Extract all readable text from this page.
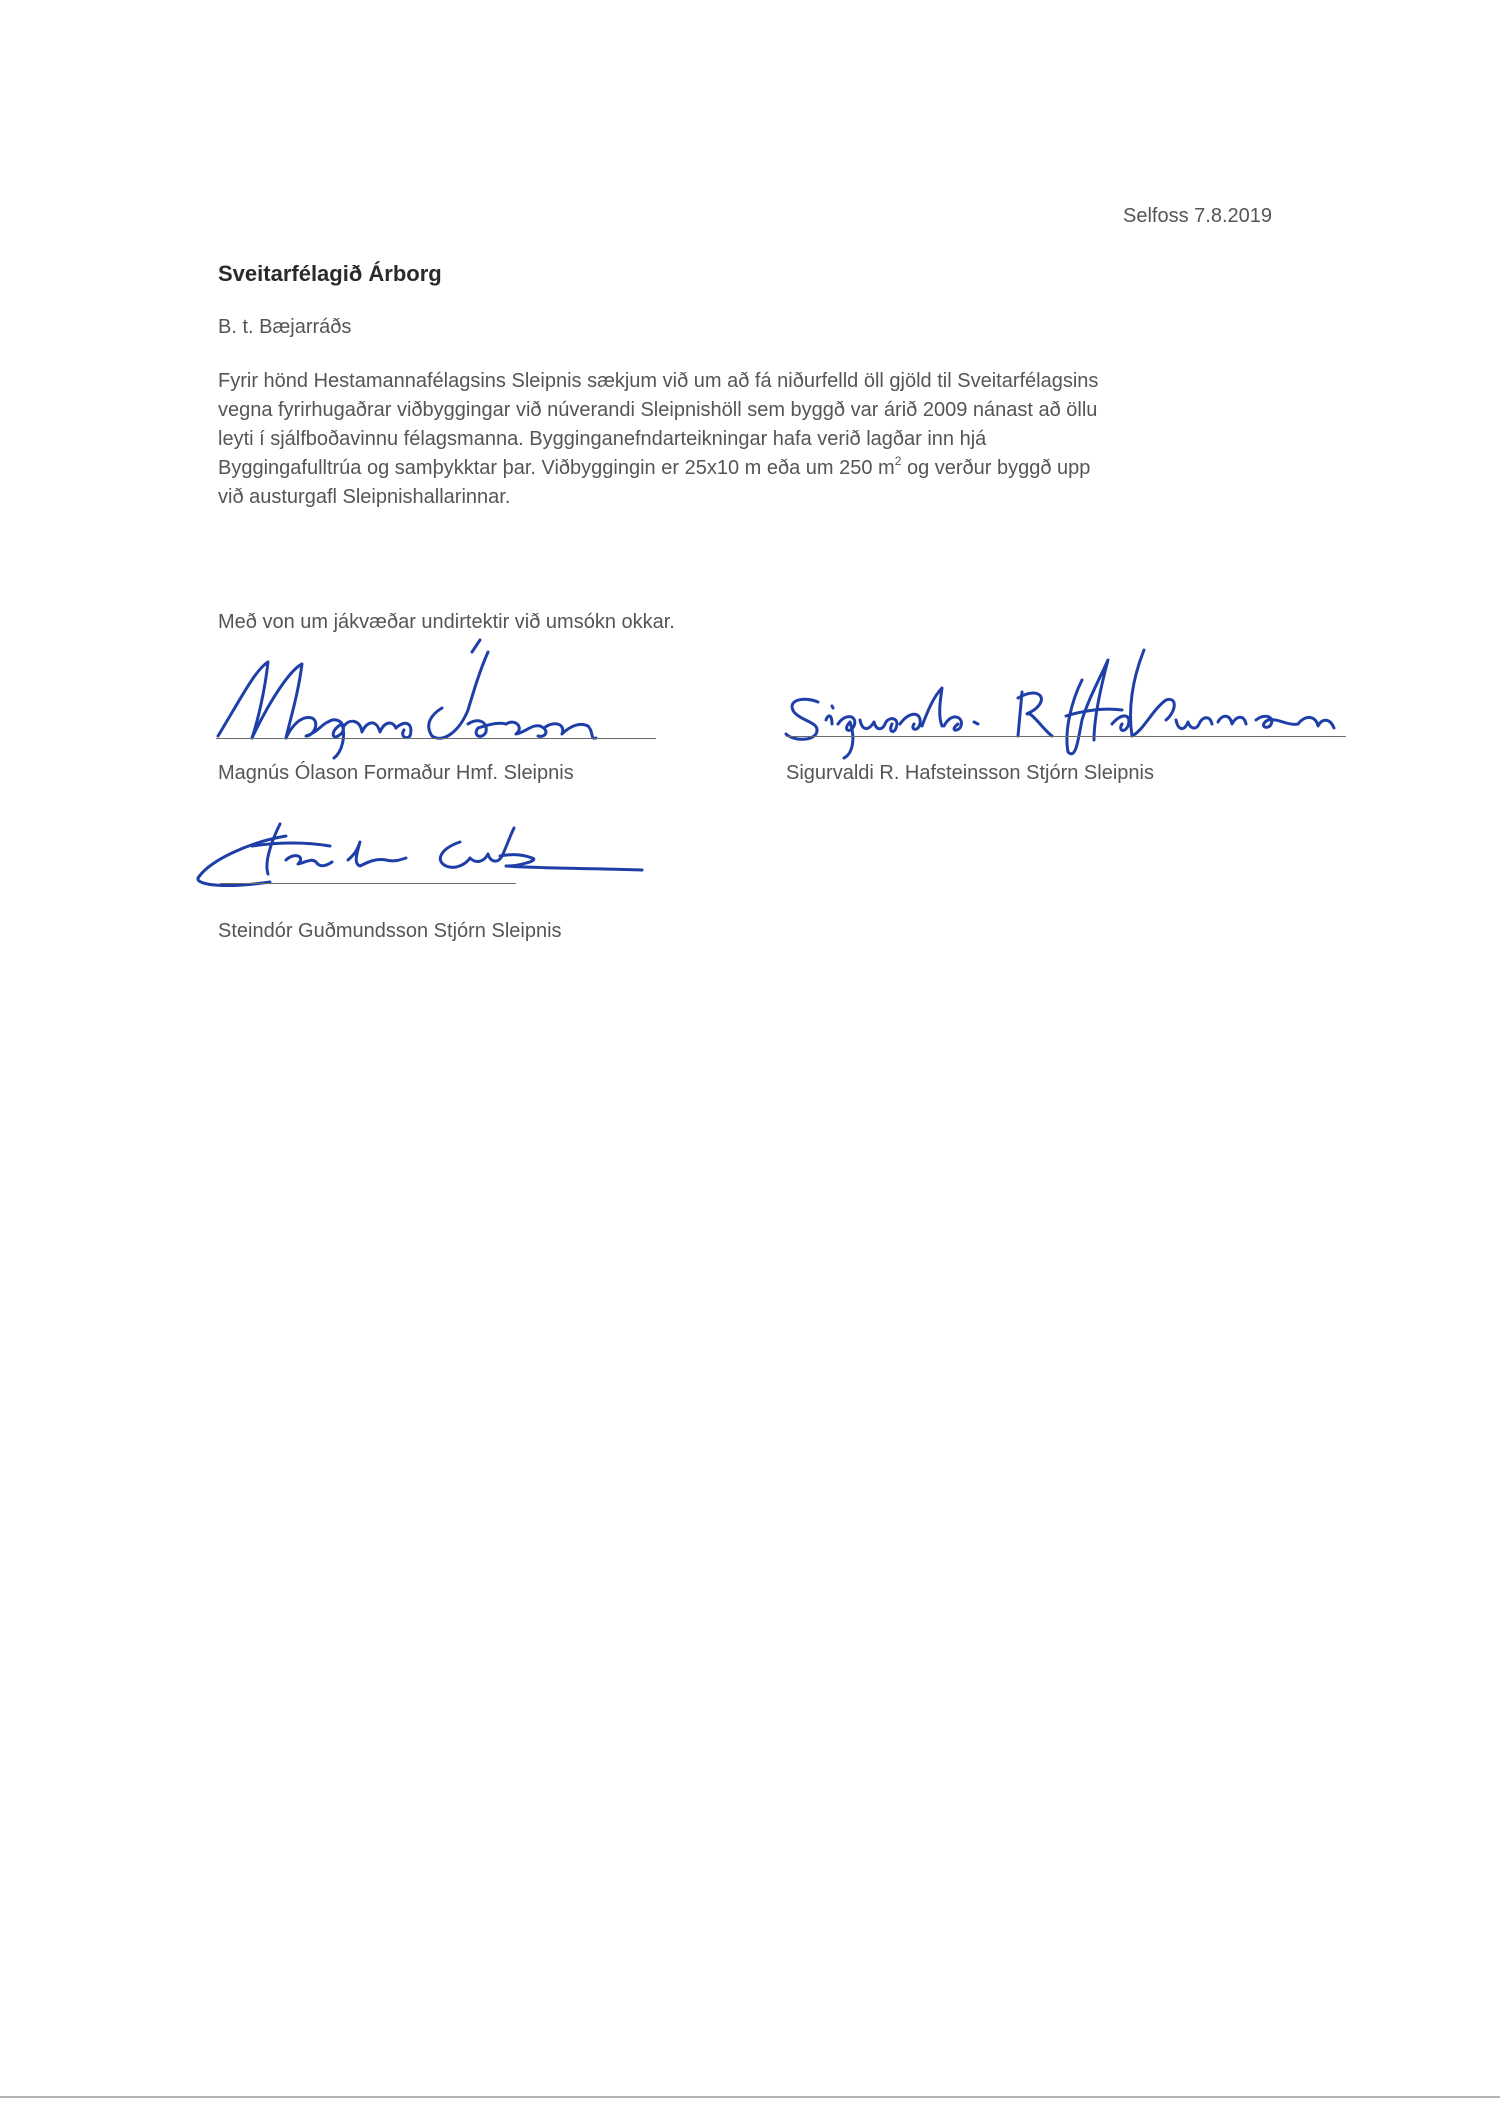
Selfoss 7.8.2019
Sveitarfélagið Árborg
B. t. Bæjarráðs
Fyrir hönd Hestamannafélagsins Sleipnis sækjum við um að fá niðurfelld öll gjöld til Sveitarfélagsins
vegna fyrirhugaðrar viðbyggingar við núverandi Sleipnishöll sem byggð var árið 2009 nánast að öllu
leyti í sjálfboðavinnu félagsmanna. Bygginganefndarteikningar hafa verið lagðar inn hjá
Byggingafulltrúa og samþykktar þar. Viðbyggingin er 25x10 m eða um 250 $m^2$ og verður byggð upp
við austurgafl Sleipnishallarinnar.
Með von um jákvæðar undirtektir við umsókn okkar.
Magnús Ólason Formaður Hmf. Sleipnis	Sigurvaldi R. Hafsteinsson Stjórn Sleipnis
Steindór Guðmundsson Stjórn Sleipnis
